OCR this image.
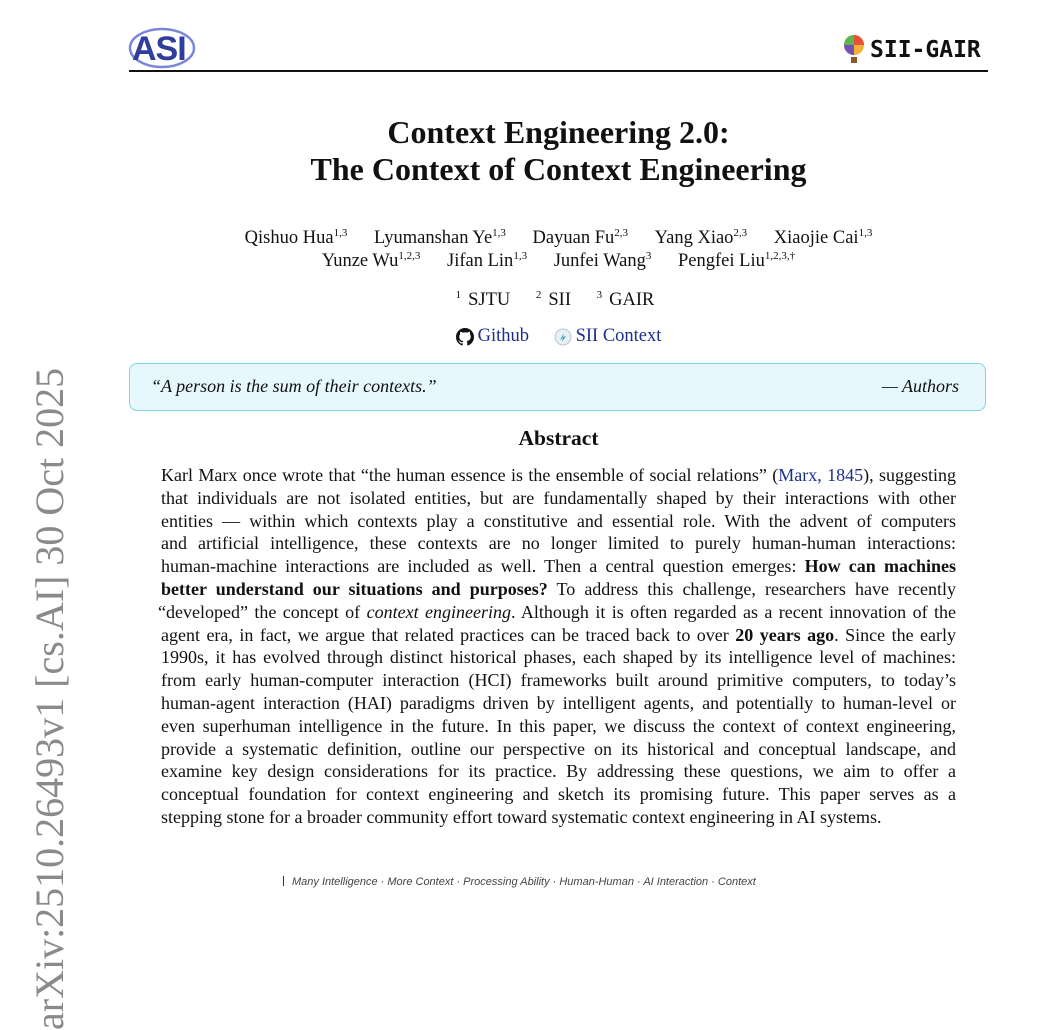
ASI	SII-GAIR
Context Engineering 2.0:
The Context of Context Engineering
Qishuo Hua$^{1,3}$ Lyumanshan Ye$^{1,3}$ Dayuan Fu$^{2,3}$ Yang Xiao$^{2,3}$ Xiaojie Cai$^{1,3}$
Yunze Wu$^{1,2,3}$ Jifan Lin$^{1,3}$ Junfei Wang$^3$ Pengfei Liu$^{1,2,3,\dagger}$
$^1$ SJTU $^2$ SII $^3$ GAIR
Github
	SII Context
“A person is the sum of their contexts.”	— Authors
Abstract
Karl Marx once wrote that “the human essence is the ensemble of social relations” (Marx, 1845), suggesting
that individuals are not isolated entities, but are fundamentally shaped by their interactions with other
entities — within which contexts play a constitutive and essential role. With the advent of computers
and artificial intelligence, these contexts are no longer limited to purely human-human interactions:
human-machine interactions are included as well. Then a central question emerges: How can machines
better understand our situations and purposes? To address this challenge, researchers have recently
“developed” the concept of context engineering. Although it is often regarded as a recent innovation of the
agent era, in fact, we argue that related practices can be traced back to over 20 years ago. Since the early
1990s, it has evolved through distinct historical phases, each shaped by its intelligence level of machines:
from early human-computer interaction (HCI) frameworks built around primitive computers, to today’s
human-agent interaction (HAI) paradigms driven by intelligent agents, and potentially to human-level or
even superhuman intelligence in the future. In this paper, we discuss the context of context engineering,
provide a systematic definition, outline our perspective on its historical and conceptual landscape, and
examine key design considerations for its practice. By addressing these questions, we aim to offer a
conceptual foundation for context engineering and sketch its promising future. This paper serves as a
stepping stone for a broader community effort toward systematic context engineering in AI systems.
arXiv:2510.26493v1 [cs.AI] 30 Oct 2025	Many Intelligence · More Context · Processing Ability · Human-Human · AI Interaction · Context
